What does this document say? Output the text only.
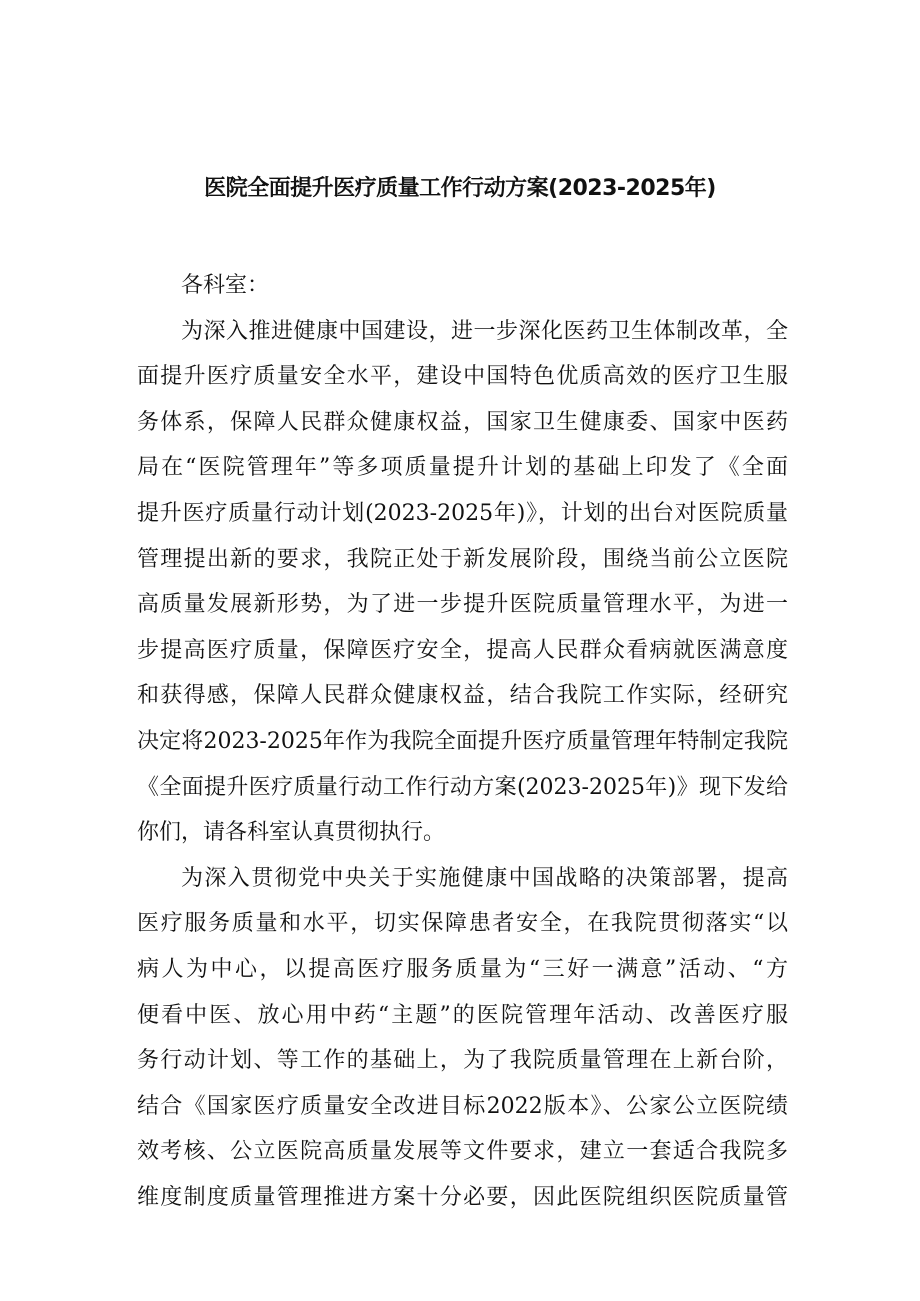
医院全面提升医疗质量工作行动方案(2023-2025年)
各科室：
为深入推进健康中国建设，进一步深化医药卫生体制改革，全
面提升医疗质量安全水平，建设中国特色优质高效的医疗卫生服
务体系，保障人民群众健康权益，国家卫生健康委、国家中医药
局在“医院管理年”等多项质量提升计划的基础上印发了《全面
提升医疗质量行动计划(2023-2025年)》，计划的出台对医院质量
管理提出新的要求，我院正处于新发展阶段，围绕当前公立医院
高质量发展新形势，为了进一步提升医院质量管理水平，为进一
步提高医疗质量，保障医疗安全，提高人民群众看病就医满意度
和获得感，保障人民群众健康权益，结合我院工作实际，经研究
决定将2023-2025年作为我院全面提升医疗质量管理年特制定我院
《全面提升医疗质量行动工作行动方案(2023-2025年)》现下发给
你们，请各科室认真贯彻执行。
为深入贯彻党中央关于实施健康中国战略的决策部署，提高
医疗服务质量和水平，切实保障患者安全，在我院贯彻落实“以
病人为中心，以提高医疗服务质量为“三好一满意”活动、“方
便看中医、放心用中药“主题”的医院管理年活动、改善医疗服
务行动计划、等工作的基础上，为了我院质量管理在上新台阶，
结合《国家医疗质量安全改进目标2022版本》、公家公立医院绩
效考核、公立医院高质量发展等文件要求，建立一套适合我院多
维度制度质量管理推进方案十分必要，因此医院组织医院质量管
